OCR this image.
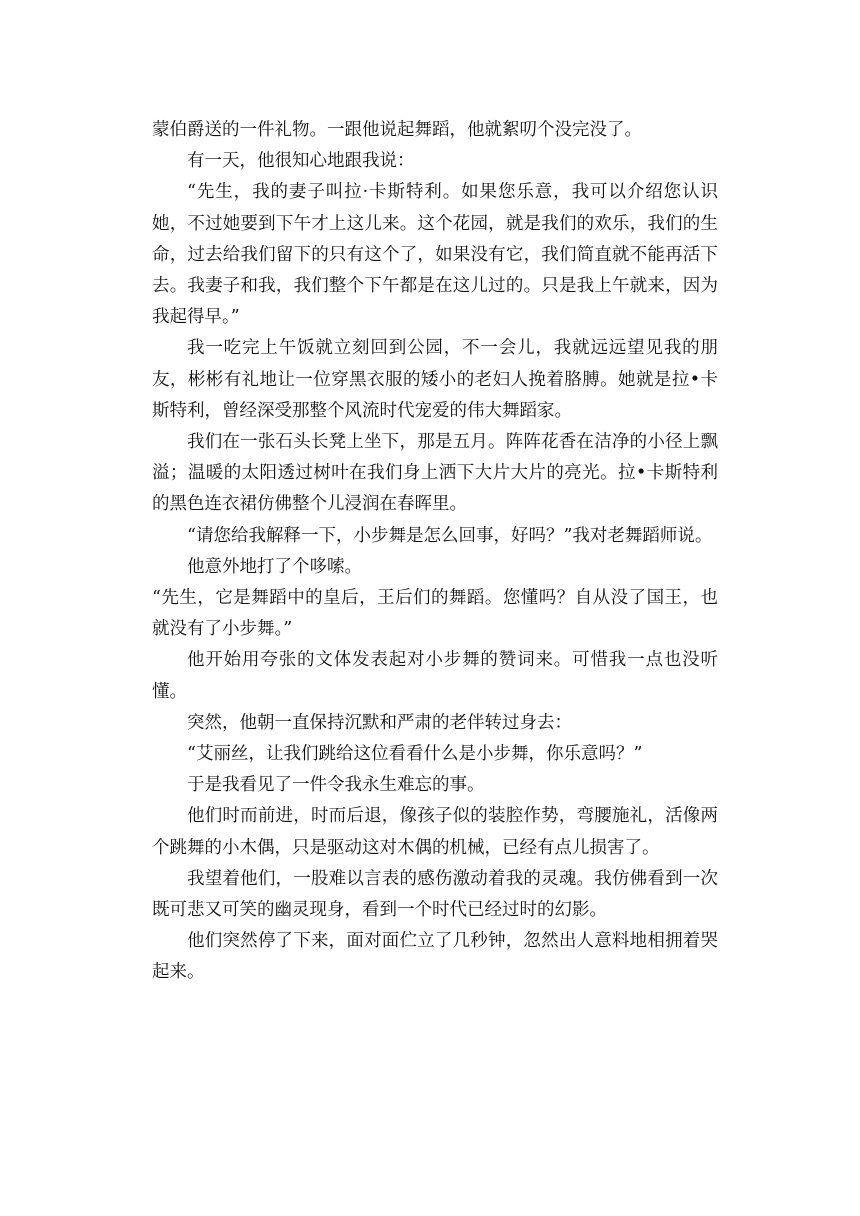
蒙伯爵送的一件礼物。一跟他说起舞蹈，他就絮叨个没完没了。

有一天，他很知心地跟我说：

“先生，我的妻子叫拉·卡斯特利。如果您乐意，我可以介绍您认识她，不过她要到下午才上这儿来。这个花园，就是我们的欢乐，我们的生命，过去给我们留下的只有这个了，如果没有它，我们简直就不能再活下去。我妻子和我，我们整个下午都是在这儿过的。只是我上午就来，因为我起得早。”

我一吃完上午饭就立刻回到公园，不一会儿，我就远远望见我的朋友，彬彬有礼地让一位穿黑衣服的矮小的老妇人挽着胳膊。她就是拉•卡斯特利，曾经深受那整个风流时代宠爱的伟大舞蹈家。

我们在一张石头长凳上坐下，那是五月。阵阵花香在洁净的小径上飘溢；温暖的太阳透过树叶在我们身上洒下大片大片的亮光。拉•卡斯特利的黑色连衣裙仿佛整个儿浸润在春晖里。

“请您给我解释一下，小步舞是怎么回事，好吗？”我对老舞蹈师说。

他意外地打了个哆嗦。

“先生，它是舞蹈中的皇后，王后们的舞蹈。您懂吗？自从没了国王，也就没有了小步舞。”

他开始用夸张的文体发表起对小步舞的赞词来。可惜我一点也没听懂。

突然，他朝一直保持沉默和严肃的老伴转过身去：

“艾丽丝，让我们跳给这位看看什么是小步舞，你乐意吗？”

于是我看见了一件令我永生难忘的事。

他们时而前进，时而后退，像孩子似的装腔作势，弯腰施礼，活像两个跳舞的小木偶，只是驱动这对木偶的机械，已经有点儿损害了。

我望着他们，一股难以言表的感伤激动着我的灵魂。我仿佛看到一次既可悲又可笑的幽灵现身，看到一个时代已经过时的幻影。

他们突然停了下来，面对面伫立了几秒钟，忽然出人意料地相拥着哭起来。
